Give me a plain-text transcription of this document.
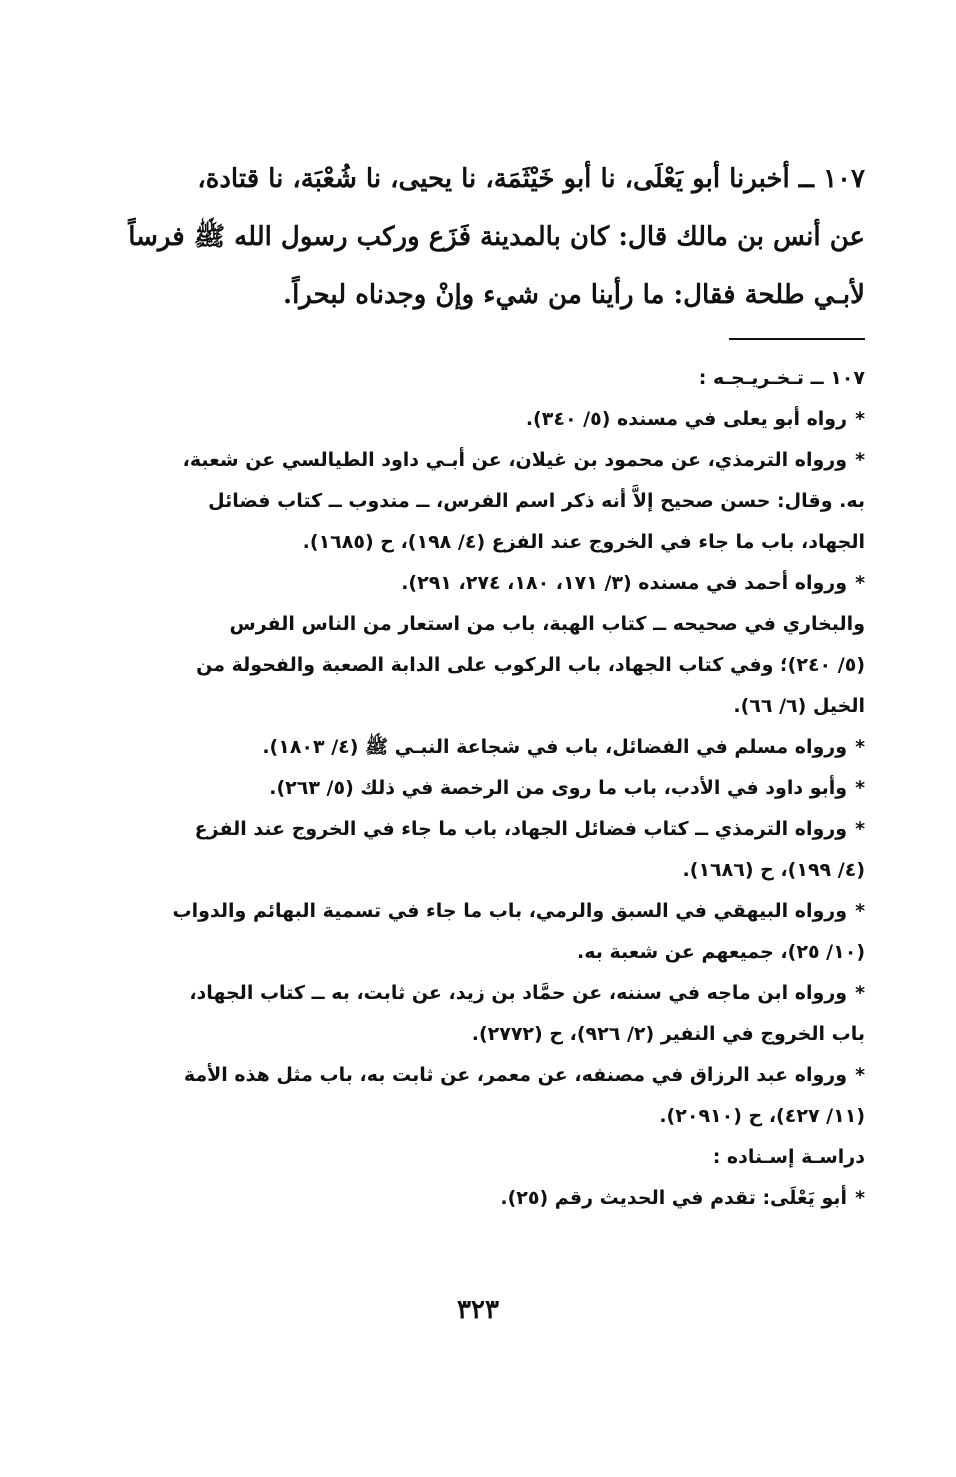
١٠٧ ــ أخبرنا أبو يَعْلَى، نا أبو خَيْثَمَة، نا يحيى، نا شُعْبَة، نا قتادة،

عن أنس بن مالك قال: كان بالمدينة فَزَع وركب رسول الله ﷺ فرساً

لأبـي طلحة فقال: ما رأينا من شيء وإنْ وجدناه لبحراً.

١٠٧ ــ تـخـريـجـه :

*رواه أبو يعلى في مسنده (٥/ ٣٤٠).

*ورواه الترمذي، عن محمود بن غيلان، عن أبـي داود الطيالسي عن شعبة،

به. وقال: حسن صحيح إلاَّ أنه ذكر اسم الفرس، ــ مندوب ــ كتاب فضائل

الجهاد، باب ما جاء في الخروج عند الفزع (٤/ ١٩٨)، ح (١٦٨٥).

*ورواه أحمد في مسنده (٣/ ١٧١، ١٨٠، ٢٧٤، ٢٩١).

والبخاري في صحيحه ــ كتاب الهبة، باب من استعار من الناس الفرس

(٥/ ٢٤٠)؛ وفي كتاب الجهاد، باب الركوب على الدابة الصعبة والفحولة من

الخيل (٦/ ٦٦).

*ورواه مسلم في الفضائل، باب في شجاعة النبـي ﷺ (٤/ ١٨٠٣).

*وأبو داود في الأدب، باب ما روى من الرخصة في ذلك (٥/ ٢٦٣).

*ورواه الترمذي ــ كتاب فضائل الجهاد، باب ما جاء في الخروج عند الفزع

(٤/ ١٩٩)، ح (١٦٨٦).

*ورواه البيهقي في السبق والرمي، باب ما جاء في تسمية البهائم والدواب

(١٠/ ٢٥)، جميعهم عن شعبة به.

*ورواه ابن ماجه في سننه، عن حمَّاد بن زيد، عن ثابت، به ــ كتاب الجهاد،

باب الخروج في النفير (٢/ ٩٢٦)، ح (٢٧٧٢).

*ورواه عبد الرزاق في مصنفه، عن معمر، عن ثابت به، باب مثل هذه الأمة

(١١/ ٤٢٧)، ح (٢٠٩١٠).

دراسـة إسـناده :

*أبو يَعْلَى: تقدم في الحديث رقم (٢٥).

٣٢٣
